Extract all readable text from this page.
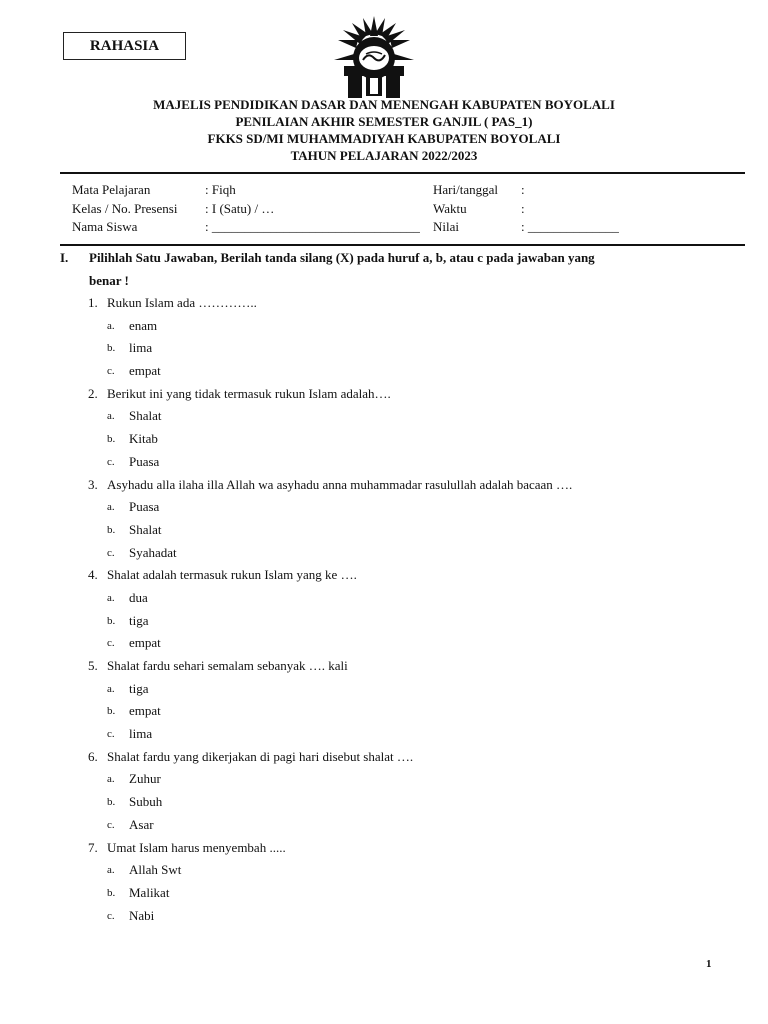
RAHASIA
MAJELIS PENDIDIKAN DASAR DAN MENENGAH KABUPATEN BOYOLALI
PENILAIAN AKHIR SEMESTER GANJIL ( PAS_1)
FKKS SD/MI MUHAMMADIYAH KABUPATEN BOYOLALI
TAHUN PELAJARAN 2022/2023
Mata Pelajaran	: Fiqh	Hari/tanggal :
Kelas / No. Presensi : I (Satu) / …	Waktu	:
Nama Siswa	: ________________________________ Nilai	: ______________
I. Pilihlah Satu Jawaban, Berilah tanda silang (X) pada huruf a, b, atau c pada jawaban yang
benar !
1. Rukun Islam ada …………..
a. enam
b. lima
c. empat
2. Berikut ini yang tidak termasuk rukun Islam adalah….
a. Shalat
b. Kitab
c. Puasa
3. Asyhadu alla ilaha illa Allah wa asyhadu anna muhammadar rasulullah adalah bacaan ….
a. Puasa
b. Shalat
c. Syahadat
4. Shalat adalah termasuk rukun Islam yang ke ….
a. dua
b. tiga
c. empat
5. Shalat fardu sehari semalam sebanyak …. kali
a. tiga
b. empat
c. lima
6. Shalat fardu yang dikerjakan di pagi hari disebut shalat ….
a. Zuhur
b. Subuh
c. Asar
7. Umat Islam harus menyembah .....
a. Allah Swt
b. Malikat
c. Nabi
1
